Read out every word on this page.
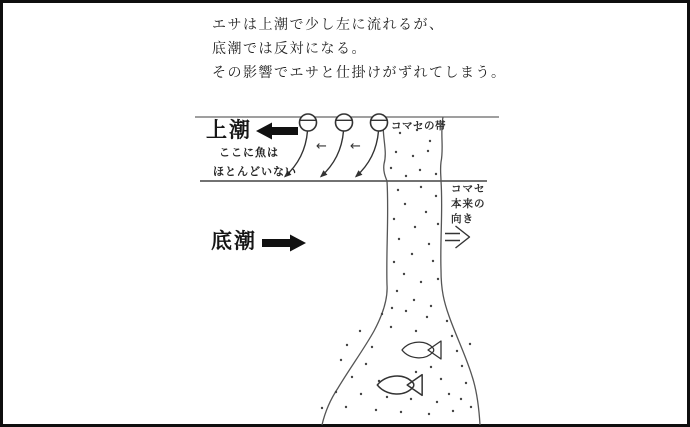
エサは上潮で少し左に流れるが、
底潮では反対になる。
その影響でエサと仕掛けがずれてしまう。
上潮
ここに魚は
ほとんどいない
コマセの帯
コマセ
本来の
向き
底潮
← ←
